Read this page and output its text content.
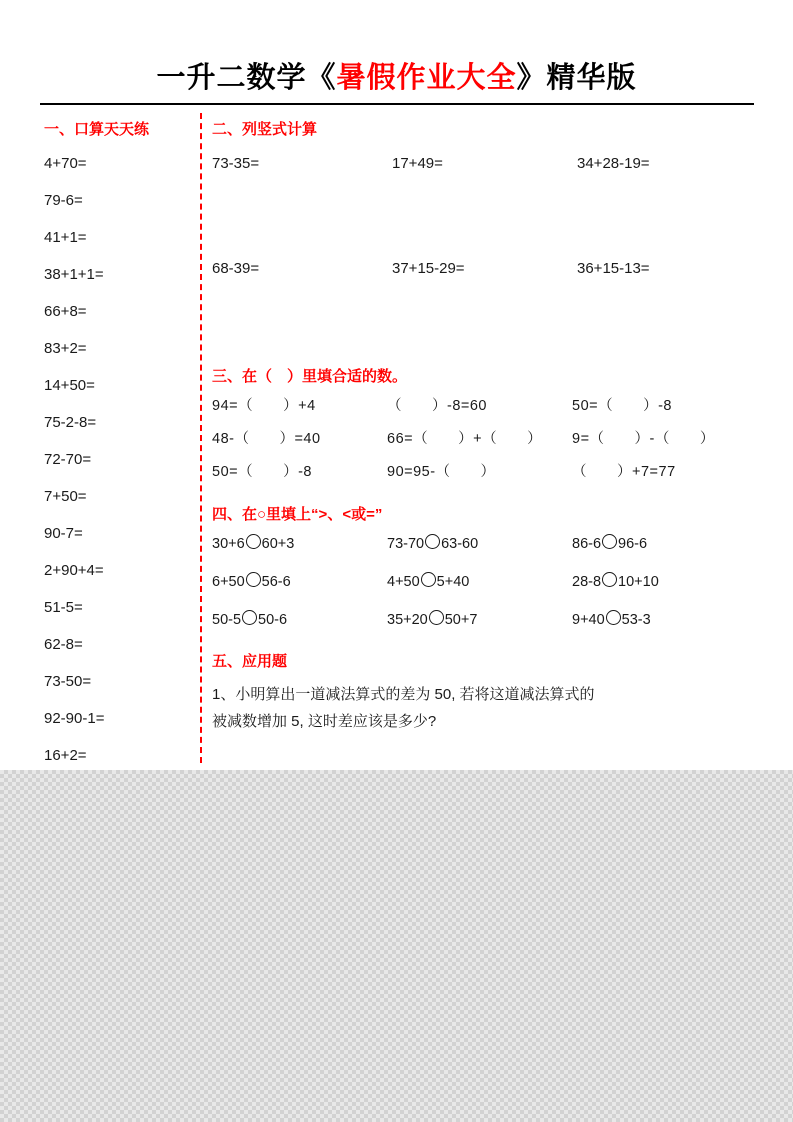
一升二数学《暑假作业大全》精华版
一、口算天天练
4+70=
79-6=
41+1=
38+1+1=
66+8=
83+2=
14+50=
75-2-8=
72-70=
7+50=
90-7=
2+90+4=
51-5=
62-8=
73-50=
92-90-1=
16+2=
二、列竖式计算
73-35=	17+49=	34+28-19=
68-39=	37+15-29=	36+15-13=
三、在（　）里填合适的数。
94=（　　）+4	（　　）-8=60	50=（　　）-8
48-（　　）=40	66=（　　）+（　　）	9=（　　）-（　　）
50=（　　）-8	90=95-（　　）	（　　）+7=77
四、在○里填上“>、<或=”
30+6 60+3	73-70 63-60	86-6 96-6
6+50 56-6	4+50 5+40	28-8 10+10
50-5 50-6	35+20 50+7	9+40 53-3
五、应用题
1、小明算出一道减法算式的差为 50, 若将这道减法算式的
被减数增加 5, 这时差应该是多少?
